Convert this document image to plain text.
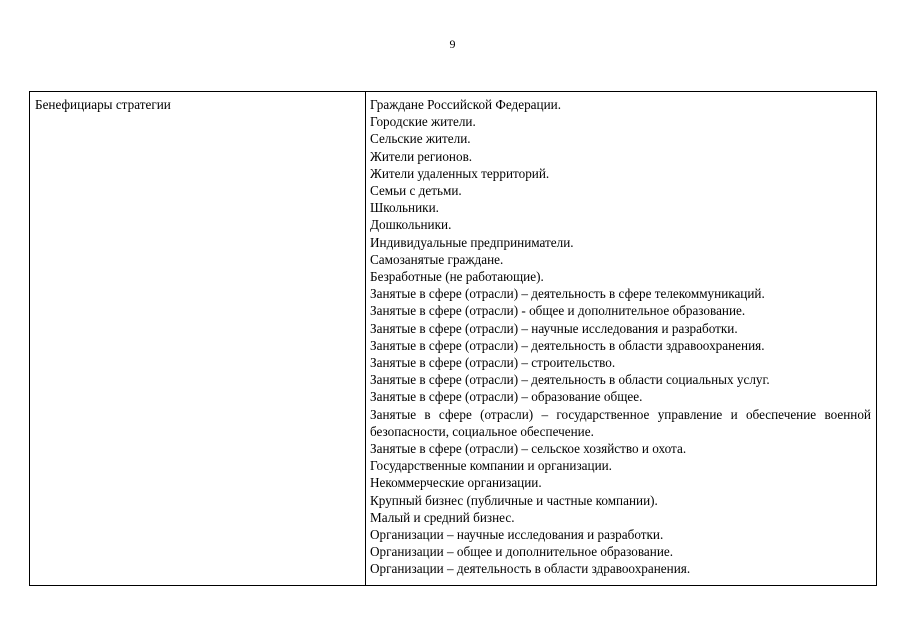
9
Бенефициары стратегии	Граждане Российской Федерации.
Городские жители.
Сельские жители.
Жители регионов.
Жители удаленных территорий.
Семьи с детьми.
Школьники.
Дошкольники.
Индивидуальные предприниматели.
Самозанятые граждане.
Безработные (не работающие).
Занятые в сфере (отрасли) – деятельность в сфере телекоммуникаций.
Занятые в сфере (отрасли) - общее и дополнительное образование.
Занятые в сфере (отрасли) – научные исследования и разработки.
Занятые в сфере (отрасли) – деятельность в области здравоохранения.
Занятые в сфере (отрасли) – строительство.
Занятые в сфере (отрасли) – деятельность в области социальных услуг.
Занятые в сфере (отрасли) – образование общее.
Занятые в сфере (отрасли) – государственное управление и обеспечение военной безопасности, социальное обеспечение.
Занятые в сфере (отрасли) – сельское хозяйство и охота.
Государственные компании и организации.
Некоммерческие организации.
Крупный бизнес (публичные и частные компании).
Малый и средний бизнес.
Организации – научные исследования и разработки.
Организации – общее и дополнительное образование.
Организации – деятельность в области здравоохранения.
